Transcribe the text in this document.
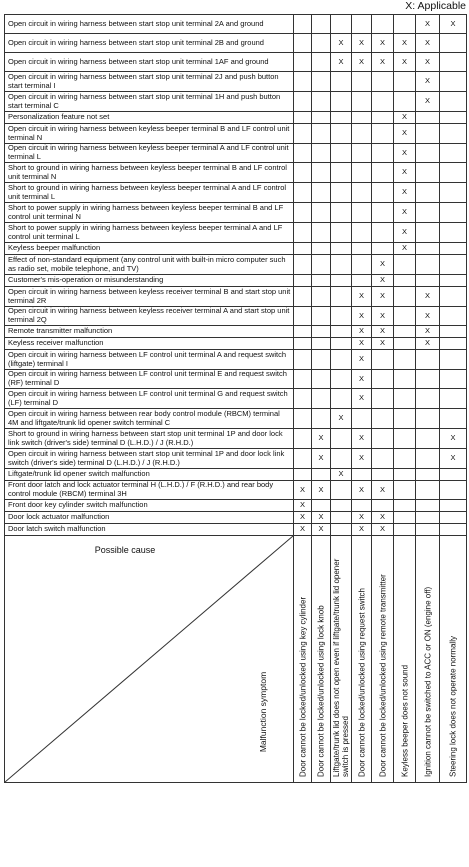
X: Applicable
Open circuit in wiring harness between start stop unit terminal 2A and ground							X	X
Open circuit in wiring harness between start stop unit terminal 2B and ground			X	X	X	X	X	
Open circuit in wiring harness between start stop unit terminal 1AF and ground			X	X	X	X	X	
Open circuit in wiring harness between start stop unit terminal 2J and push button start terminal I							X	
Open circuit in wiring harness between start stop unit terminal 1H and push button start terminal C							X	
Personalization feature not set						X		
Open circuit in wiring harness between keyless beeper terminal B and LF control unit terminal N						X		
Open circuit in wiring harness between keyless beeper terminal A and LF control unit terminal L						X		
Short to ground in wiring harness between keyless beeper terminal B and LF control unit terminal N						X		
Short to ground in wiring harness between keyless beeper terminal A and LF control unit terminal L						X		
Short to power supply in wiring harness between keyless beeper terminal B and LF control unit terminal N						X		
Short to power supply in wiring harness between keyless beeper terminal A and LF control unit terminal L						X		
Keyless beeper malfunction						X		
Effect of non-standard equipment (any control unit with built-in micro computer such as radio set, mobile telephone, and TV)					X			
Customer's mis-operation or misunderstanding					X			
Open circuit in wiring harness between keyless receiver terminal B and start stop unit terminal 2R				X	X		X	
Open circuit in wiring harness between keyless receiver terminal A and start stop unit terminal 2Q				X	X		X	
Remote transmitter malfunction				X	X		X	
Keyless receiver malfunction				X	X		X	
Open circuit in wiring harness between LF control unit terminal A and request switch (liftgate) terminal I				X				
Open circuit in wiring harness between LF control unit terminal E and request switch (RF) terminal D				X				
Open circuit in wiring harness between LF control unit terminal G and request switch (LF) terminal D				X				
Open circuit in wiring harness between rear body control module (RBCM) terminal 4M and liftgate/trunk lid opener switch terminal C			X					
Short to ground in wiring harness between start stop unit terminal 1P and door lock link switch (driver's side) terminal D (L.H.D.) / J (R.H.D.)		X		X				X
Open circuit in wiring harness between start stop unit terminal 1P and door lock link switch (driver's side) terminal D (L.H.D.) / J (R.H.D.)		X		X				X
Liftgate/trunk lid opener switch malfunction			X					
Front door latch and lock actuator terminal H (L.H.D.) / F (R.H.D.) and rear body control module (RBCM) terminal 3H	X	X		X	X			
Front door key cylinder switch malfunction	X							
Door lock actuator malfunction	X	X		X	X			
Door latch switch malfunction	X	X		X	X			

Possible cause
Malfunction symptom	Door cannot be locked/unlocked using key cylinder	Door cannot be locked/unlocked using lock knob	Liftgate/trunk lid does not open even if liftgate/trunk lid opener switch is pressed	Door cannot be locked/unlocked using request switch	Door cannot be locked/unlocked using remote transmitter	Keyless beeper does not sound	Ignition cannot be switched to ACC or ON (engine off)	Steering lock does not operate normally
